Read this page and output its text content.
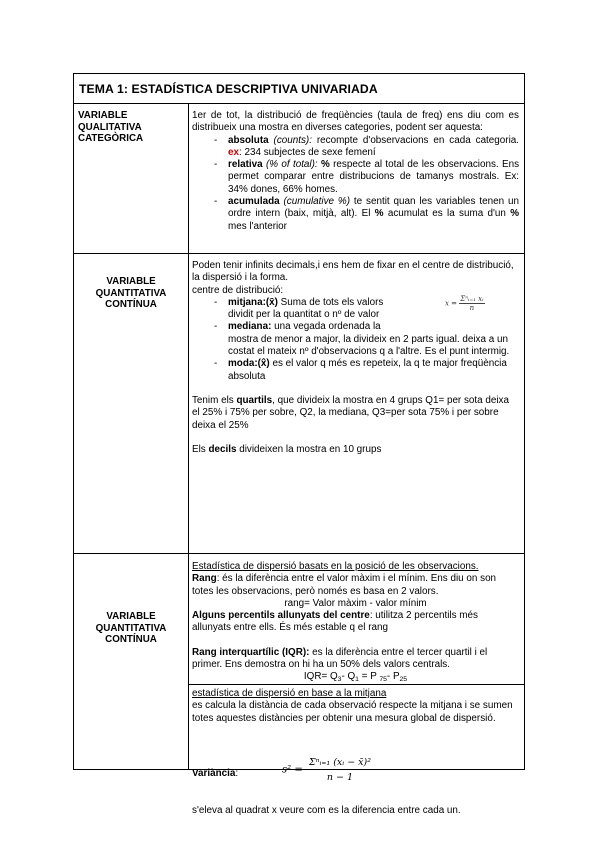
TEMA 1: ESTADÍSTICA DESCRIPTIVA UNIVARIADA
VARIABLE
QUALITATIVA
CATEGÒRICA
1er de tot, la distribució de freqüències (taula de freq) ens diu com es distribueix una mostra en diverses categories, podent ser aquesta:
- absoluta (counts): recompte d'observacions en cada categoria. ex: 234 subjectes de sexe femení
- relativa (% of total): % respecte al total de les observacions. Ens permet comparar entre distribucions de tamanys mostrals. Ex: 34% dones, 66% homes.
- acumulada (cumulative %) te sentit quan les variables tenen un ordre intern (baix, mitjà, alt). El % acumulat es la suma d'un % mes l'anterior
VARIABLE
QUANTITATIVA
CONTÍNUA
Poden tenir infinits decimals,i ens hem de fixar en el centre de distribució, la dispersió i la forma.
centre de distribució:
- mitjana:(x̄) Suma de tots els valors
dividit per la quantitat o nº de valor
- mediana: una vegada ordenada la
mostra de menor a major, la divideix en 2 parts igual. deixa a un costat el mateix nº d'observacions q a l'altre. Es el punt intermig.
- moda:(x̂) es el valor q més es repeteix, la q te major freqüència absoluta
Tenim els quartils, que divideix la mostra en 4 grups Q1= per sota deixa el 25% i 75% per sobre, Q2, la mediana, Q3=per sota 75% i per sobre deixa el 25%
Els decils divideixen la mostra en 10 grups
$x = \frac{\text{Σⁿᵢ₌₁ xᵢ}}{n}$
VARIABLE
QUANTITATIVA
CONTÍNUA
Estadística de dispersió basats en la posició de les observacions.
Rang: és la diferència entre el valor màxim i el mínim. Ens diu on son totes les observacions, però només es basa en 2 valors.
rang= Valor màxim - valor mínim
Alguns percentils allunyats del centre: utilitza 2 percentils més allunyats entre ells. És més estable q el rang
Rang interquartílic (IQR): es la diferència entre el tercer quartil i el primer. Ens demostra on hi ha un 50% dels valors centrals.
$IQR= Q_3-$ $Q_1 = P$ $_{75}$- $P_{25}$
estadística de dispersió en base a la mitjana
es calcula la distància de cada observació respecte la mitjana i se sumen totes aquestes distàncies per obtenir una mesura global de dispersió.
Variància:	$s^2 = \frac{\text{Σⁿᵢ₌₁ (xᵢ − x̄)²}}{n - 1}$
s'eleva al quadrat x veure com es la diferencia entre cada un.
